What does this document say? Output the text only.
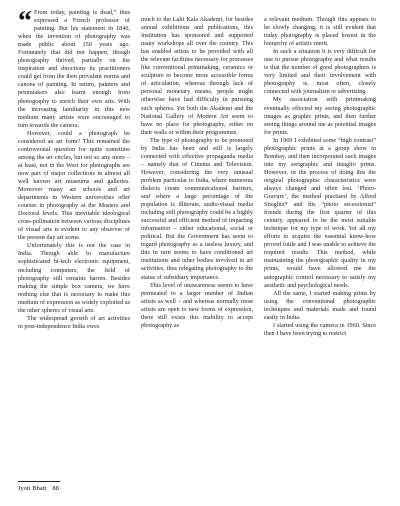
“ From today, painting is dead,” thus expressed a French professor of painting. But his statement in 1840, when the invention of photography was made public about 150 years ago. Fortunately that did not happen, though photography thrived, partially on the inspiration and directions its practitioners could get from the then prevalent norms and canons of painting. In return, painters and printmakers also learnt enough from photography to enrich their own arts. With the increasing familiarity in this new medium many artists were encouraged to turn towards the camera.

However, could a photograph be considered an art form? This remained the controversial question for quite sometime among the art circles, but not so any more – at least, not in the West for photographs are now part of major collections in almost all well known art museums and galleries. Moreover many art schools and art departments in Western universities offer courses in photography at the Masters and Doctoral levels. This inevitable ideological cross-pollination between various disciplines of visual arts is evident to any observer of the present day art scene.

Unfortunately this is not the case in India. Though able to manufacture sophisticated hi-tech electronic equipment, including computers, the field of photography still remains barren. Besides making the simple box camera, we have nothing else that is necessary to make this medium of expression as widely exploited as the other spheres of visual arts.

The widespread growth of art activities in post-independence India owes

much to the Lalit Kala Akademi, for besides annual exhibitions and publications, this Institution has sponsored and supported many workshops all over the country. This has enabled artists to be provided with all the relevant facilities necessary for processes like conventional printmaking, ceramics or sculpture to become more accessible forms of articulation, whereas through lack of personal monetary means, people might otherwise have had difficulty in pursuing such spheres. Yet both the Akademi and the National Gallery of Modern Art seem to have no place for photography, either on their walls or within their programmes.

The type of photography to be promoted by India has been and still is largely connected with effective propaganda media – namely that of Cinema and Television. However, considering the very unusual problem particular to India, where numerous dialects create communicational barriers, and where a large percentage of the population is illiterate, audio-visual media including still photography could be a highly successful and efficient method of imparting information – either educational, social or political. But the Government has seem to regard photography as a useless luxury, and this in turn seems to have conditioned art institutions and other bodies involved in art activities, thus relegating photography to the status of subsidiary importance.

This level of unawareness seems to have permeated to a larger number of Indian artists as well – and whereas normally most artists are open to new forms of expression, there still exists this inability to accept photography as

a relevant medium. Though this appears to be slowly changing, it is still evident that today photography is placed lowest in the hierarchy of artistic merit.

In such a situation it is very difficult for one to pursue photography and what results is that the number of good photographers is very limited and their involvement with photography is, most often, closely connected with journalism or advertising.

My association with printmaking eventually effected my seeing photographic images as graphic prints, and then further seeing things around me as potential images for prints.

In 1969 I exhibited some “high contrast” photographic prints at a group show in Bombay, and then incorporated such images into my serigraphic and intaglio prints. However, in the process of doing this the original photographic characteristics were always changed and often lost. ‘Photo-Gravure’, the method practised by Alfred Stieglitz* and his “photo secessionist” friends during the first quarter of this century, appeared to be the most suitable technique for my type of work. Yet all my efforts to acquire the essential know-how proved futile and I was unable to achieve the required results. This method, while maintaining the photographic quality in my prints, would have allowed me the autographic control necessary to satisfy my aesthetic and psychological needs.

All the same, I started making prints by using the conventional photographic techniques and materials made and found easily in India.

I started using the camera in 1960. Since then I have been trying to restrict

Jyoti Bhatt 88
